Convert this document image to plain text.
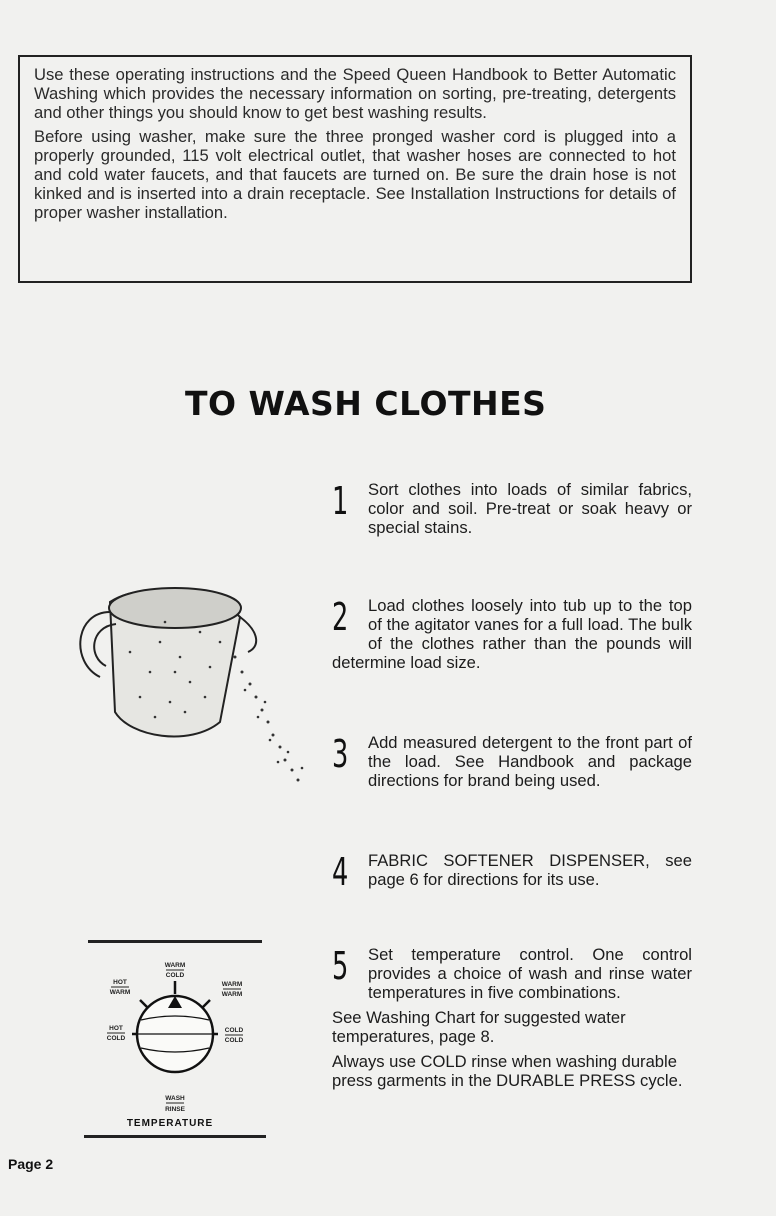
Use these operating instructions and the Speed Queen Handbook to Better Automatic Washing which provides the necessary information on sorting, pre-treating, detergents and other things you should know to get best washing results.

Before using washer, make sure the three pronged washer cord is plugged into a properly grounded, 115 volt electrical outlet, that washer hoses are connected to hot and cold water faucets, and that faucets are turned on. Be sure the drain hose is not kinked and is inserted into a drain receptacle. See Installation Instructions for details of proper washer installation.

TO WASH CLOTHES
1	Sort clothes into loads of similar fabrics, color and soil. Pre-treat or soak heavy or special stains.
2	Load clothes loosely into tub up to the top of the agitator vanes for a full load. The bulk of the clothes rather than the pounds will determine load size.
3	Add measured detergent to the front part of the load. See Handbook and package directions for brand being used.
4	FABRIC SOFTENER DISPENSER, see page 6 for directions for its use.
5	Set temperature control. One control provides a choice of wash and rinse water temperatures in five combinations.

See Washing Chart for suggested water temperatures, page 8.

Always use COLD rinse when washing durable press garments in the DURABLE PRESS cycle.

WARM
COLD
HOT
WARM
WARM
WARM
HOT
COLD
COLD
COLD
WASH
RINSE
TEMPERATURE
Page 2
